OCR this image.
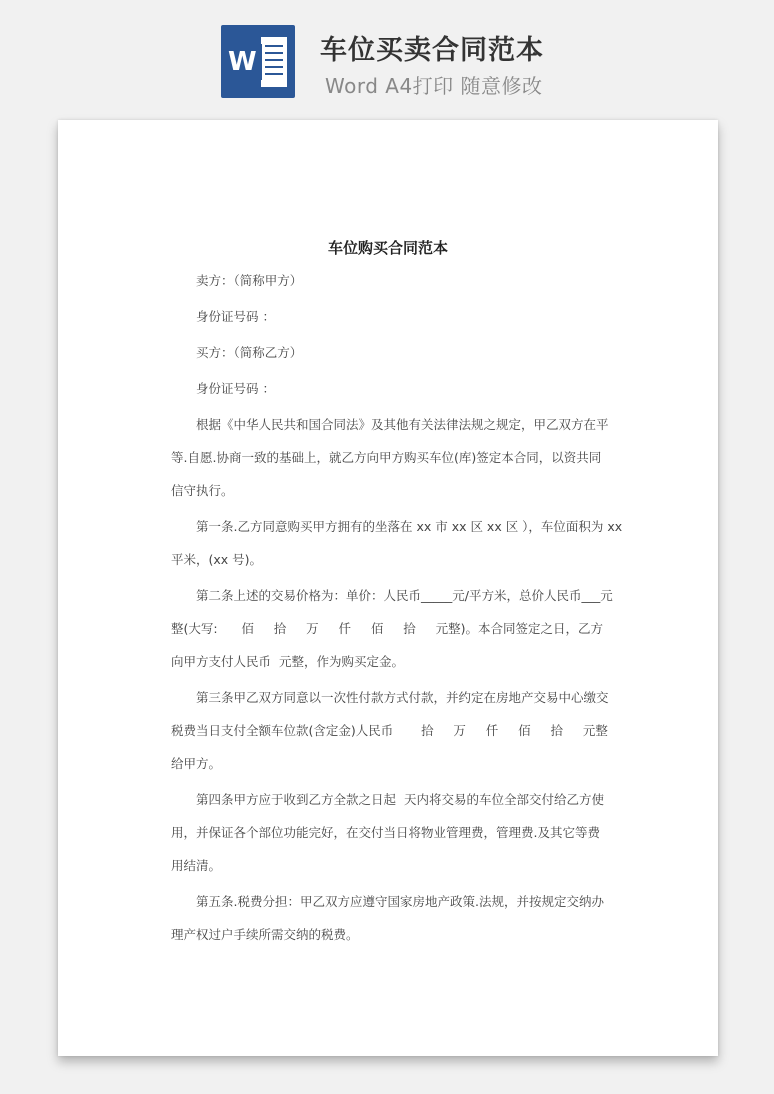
W 车位买卖合同范本
Word A4打印 随意修改
车位购买合同范本
卖方：（简称甲方）
身份证号码 ：
买方：（简称乙方）
身份证号码 ：
根据《中华人民共和国合同法》及其他有关法律法规之规定，甲乙双方在平
等.自愿.协商一致的基础上，就乙方向甲方购买车位(库)签定本合同，以资共同
信守执行。
第一条.乙方同意购买甲方拥有的坐落在 xx 市 xx 区 xx 区 ），车位面积为 xx
平米，(xx 号)。
第二条上述的交易价格为：单价：人民币_____元/平方米，总价人民币___元
整(大写:      佰     拾     万     仟     佰     拾     元整)。本合同签定之日，乙方
向甲方支付人民币  元整，作为购买定金。
第三条甲乙双方同意以一次性付款方式付款，并约定在房地产交易中心缴交
税费当日支付全额车位款(含定金)人民币       拾     万     仟     佰     拾     元整
给甲方。
第四条甲方应于收到乙方全款之日起  天内将交易的车位全部交付给乙方使
用，并保证各个部位功能完好，在交付当日将物业管理费，管理费.及其它等费
用结清。
第五条.税费分担：甲乙双方应遵守国家房地产政策.法规，并按规定交纳办
理产权过户手续所需交纳的税费。
